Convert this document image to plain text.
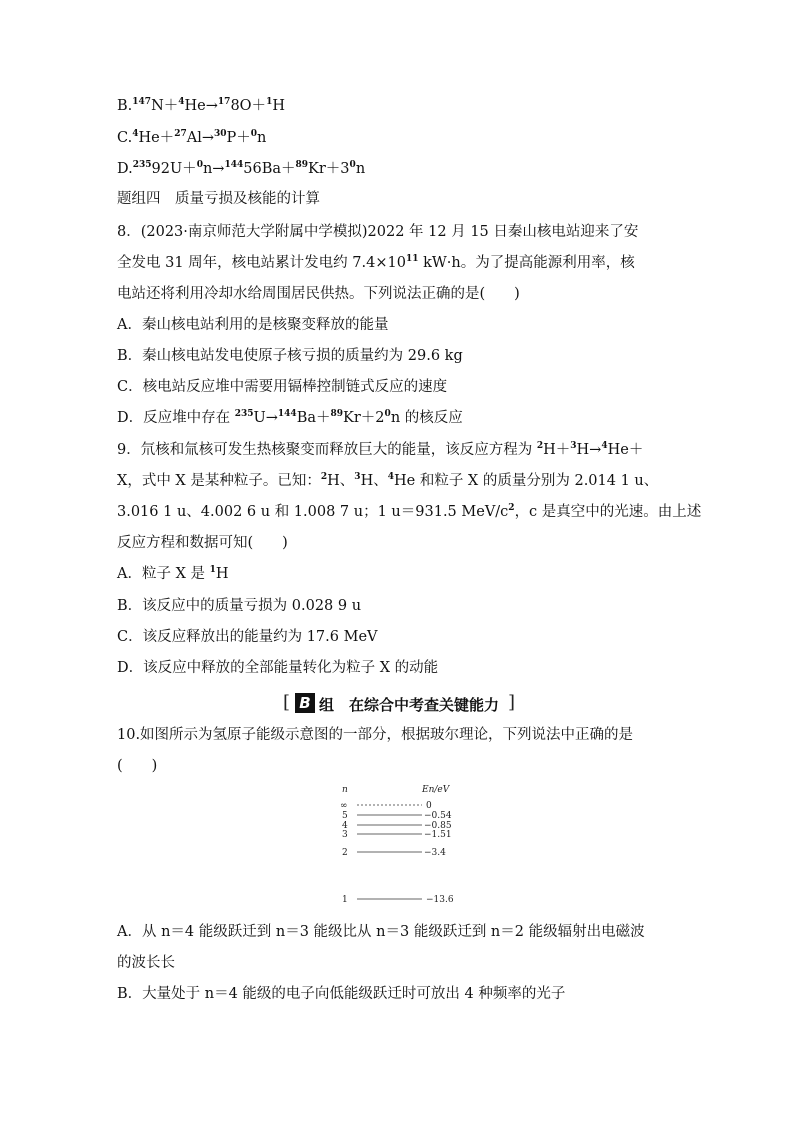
B.$^{147}$N＋$^4$He→$^{17}$8O＋$^1$H
C.$^4$He＋$^{27}$Al→$^{30}$P＋$^0$n
$D.^{235}92U+^0n\to^{144}56Ba+^{89}Kr+3^0n$
题组四　质量亏损及核能的计算
8．(2023·南京师范大学附属中学模拟)2022 年 12 月 15 日秦山核电站迎来了安
全发电 31 周年，核电站累计发电约 $7.4\times 10^{11}$ kW·h。为了提高能源利用率，核
电站还将利用冷却水给周围居民供热。下列说法正确的是(　　)
A．秦山核电站利用的是核聚变释放的能量
B．秦山核电站发电使原子核亏损的质量约为 29.6 kg
C．核电站反应堆中需要用镉棒控制链式反应的速度
D．反应堆中存在 $^{235}U\to^{144}Ba+^{89}Kr+2^0n$ 的核反应
9．氘核和氚核可发生热核聚变而释放巨大的能量，该反应方程为 $^2$H＋$^3$H→$^4$He＋
X，式中 X 是某种粒子。已知：$^2$H、$^3$H、$^4$He 和粒子 X 的质量分别为 2.014 1 u、
3.016 1 u、4.002 6 u 和 1.008 7 u；1 u＝931.5 MeV/$c^2$，c 是真空中的光速。由上述
反应方程和数据可知(　　)
A．粒子 X 是 $^1$H
B．该反应中的质量亏损为 0.028 9 u
C．该反应释放出的能量约为 17.6 MeV
D．该反应中释放的全部能量转化为粒子 X 的动能
[ B 组　在综合中考查关键能力 ]
10.如图所示为氢原子能级示意图的一部分，根据玻尔理论，下列说法中正确的是
(　　)
n	En/eV
∞	0
5	−0.54
4	−0.85
3	−1.51
2	−3.4
1	−13.6
A．从 n＝4 能级跃迁到 n＝3 能级比从 n＝3 能级跃迁到 n＝2 能级辐射出电磁波
的波长长
B．大量处于 n＝4 能级的电子向低能级跃迁时可放出 4 种频率的光子
